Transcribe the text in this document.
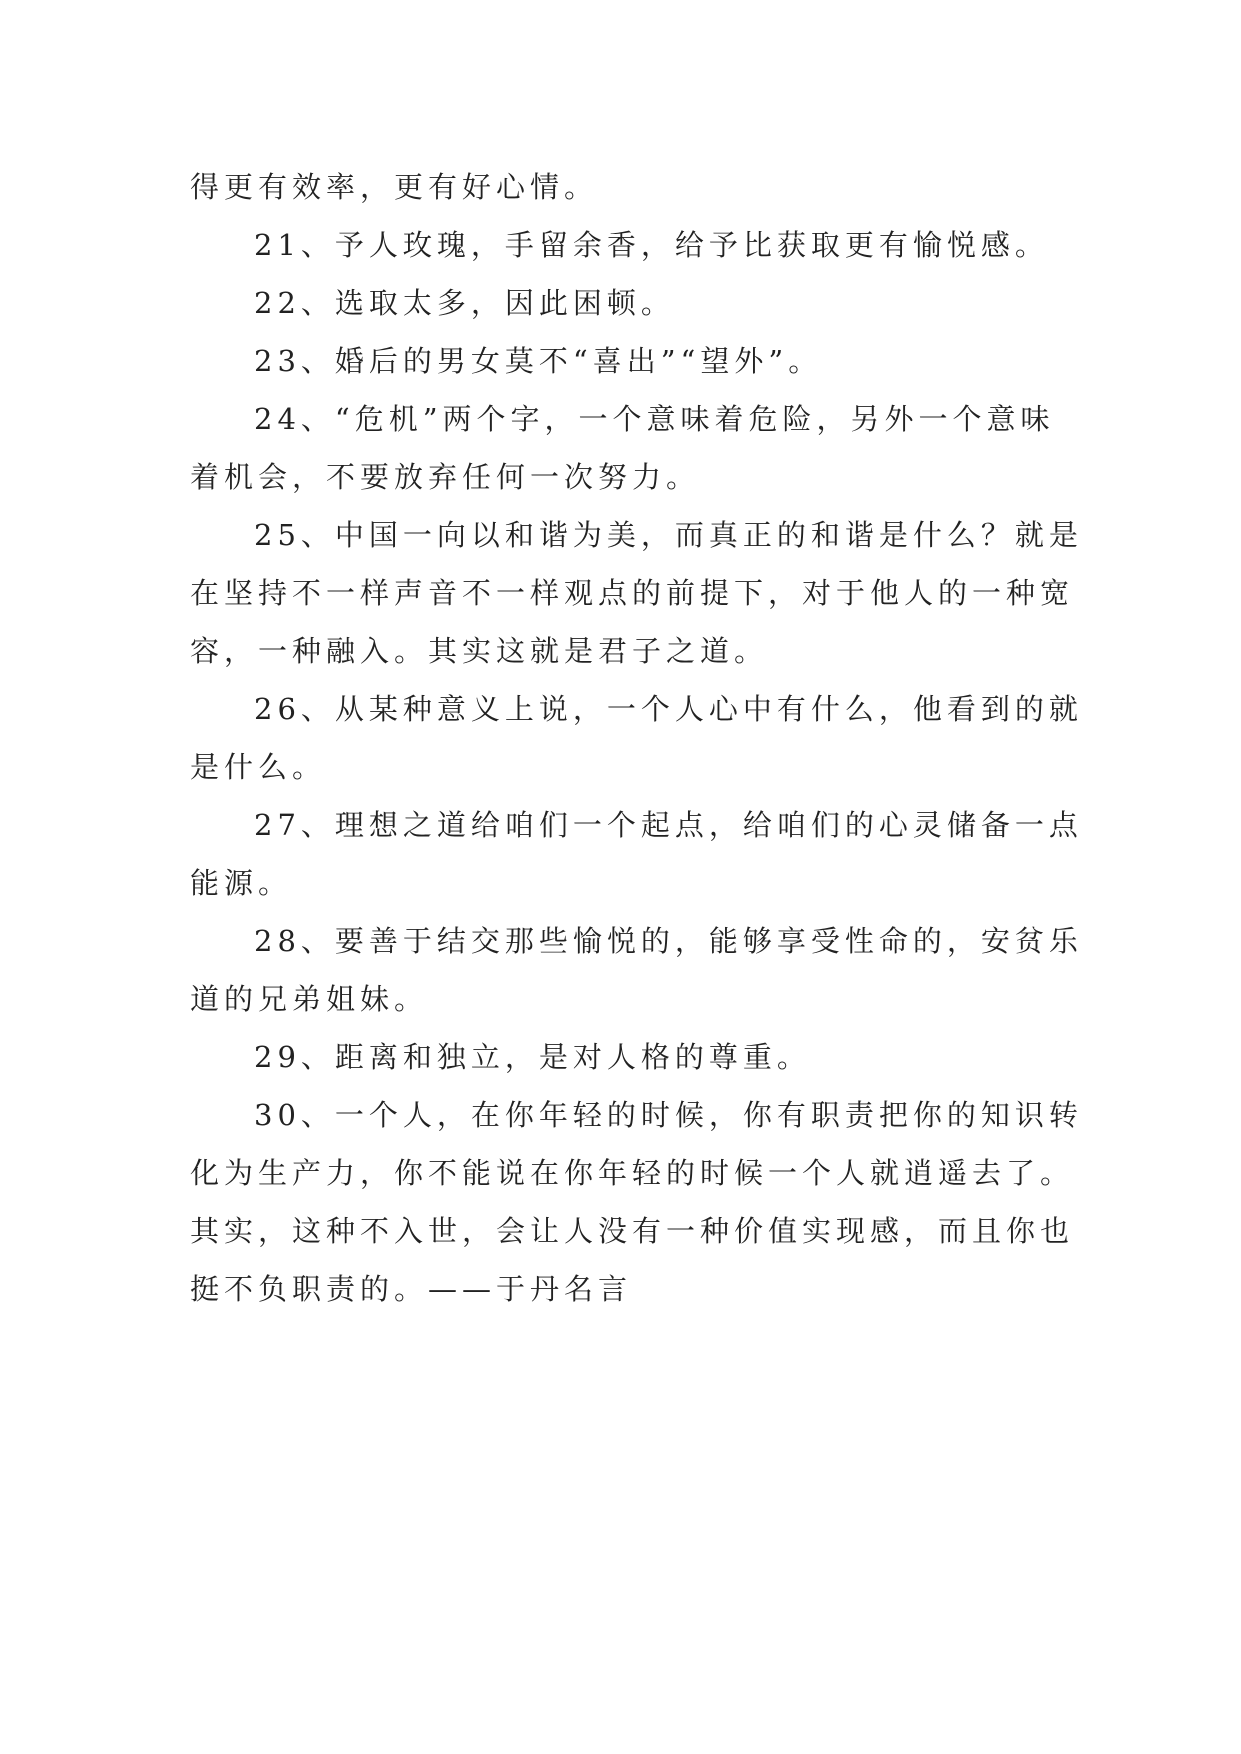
得更有效率，更有好心情。
21、予人玫瑰，手留余香，给予比获取更有愉悦感。
22、选取太多，因此困顿。
23、婚后的男女莫不“喜出”“望外”。
24、“危机”两个字，一个意味着危险，另外一个意味
着机会，不要放弃任何一次努力。
25、中国一向以和谐为美，而真正的和谐是什么？就是
在坚持不一样声音不一样观点的前提下，对于他人的一种宽
容，一种融入。其实这就是君子之道。
26、从某种意义上说，一个人心中有什么，他看到的就
是什么。
27、理想之道给咱们一个起点，给咱们的心灵储备一点
能源。
28、要善于结交那些愉悦的，能够享受性命的，安贫乐
道的兄弟姐妹。
29、距离和独立，是对人格的尊重。
30、一个人，在你年轻的时候，你有职责把你的知识转
化为生产力，你不能说在你年轻的时候一个人就逍遥去了。
其实，这种不入世，会让人没有一种价值实现感，而且你也
挺不负职责的。——于丹名言
